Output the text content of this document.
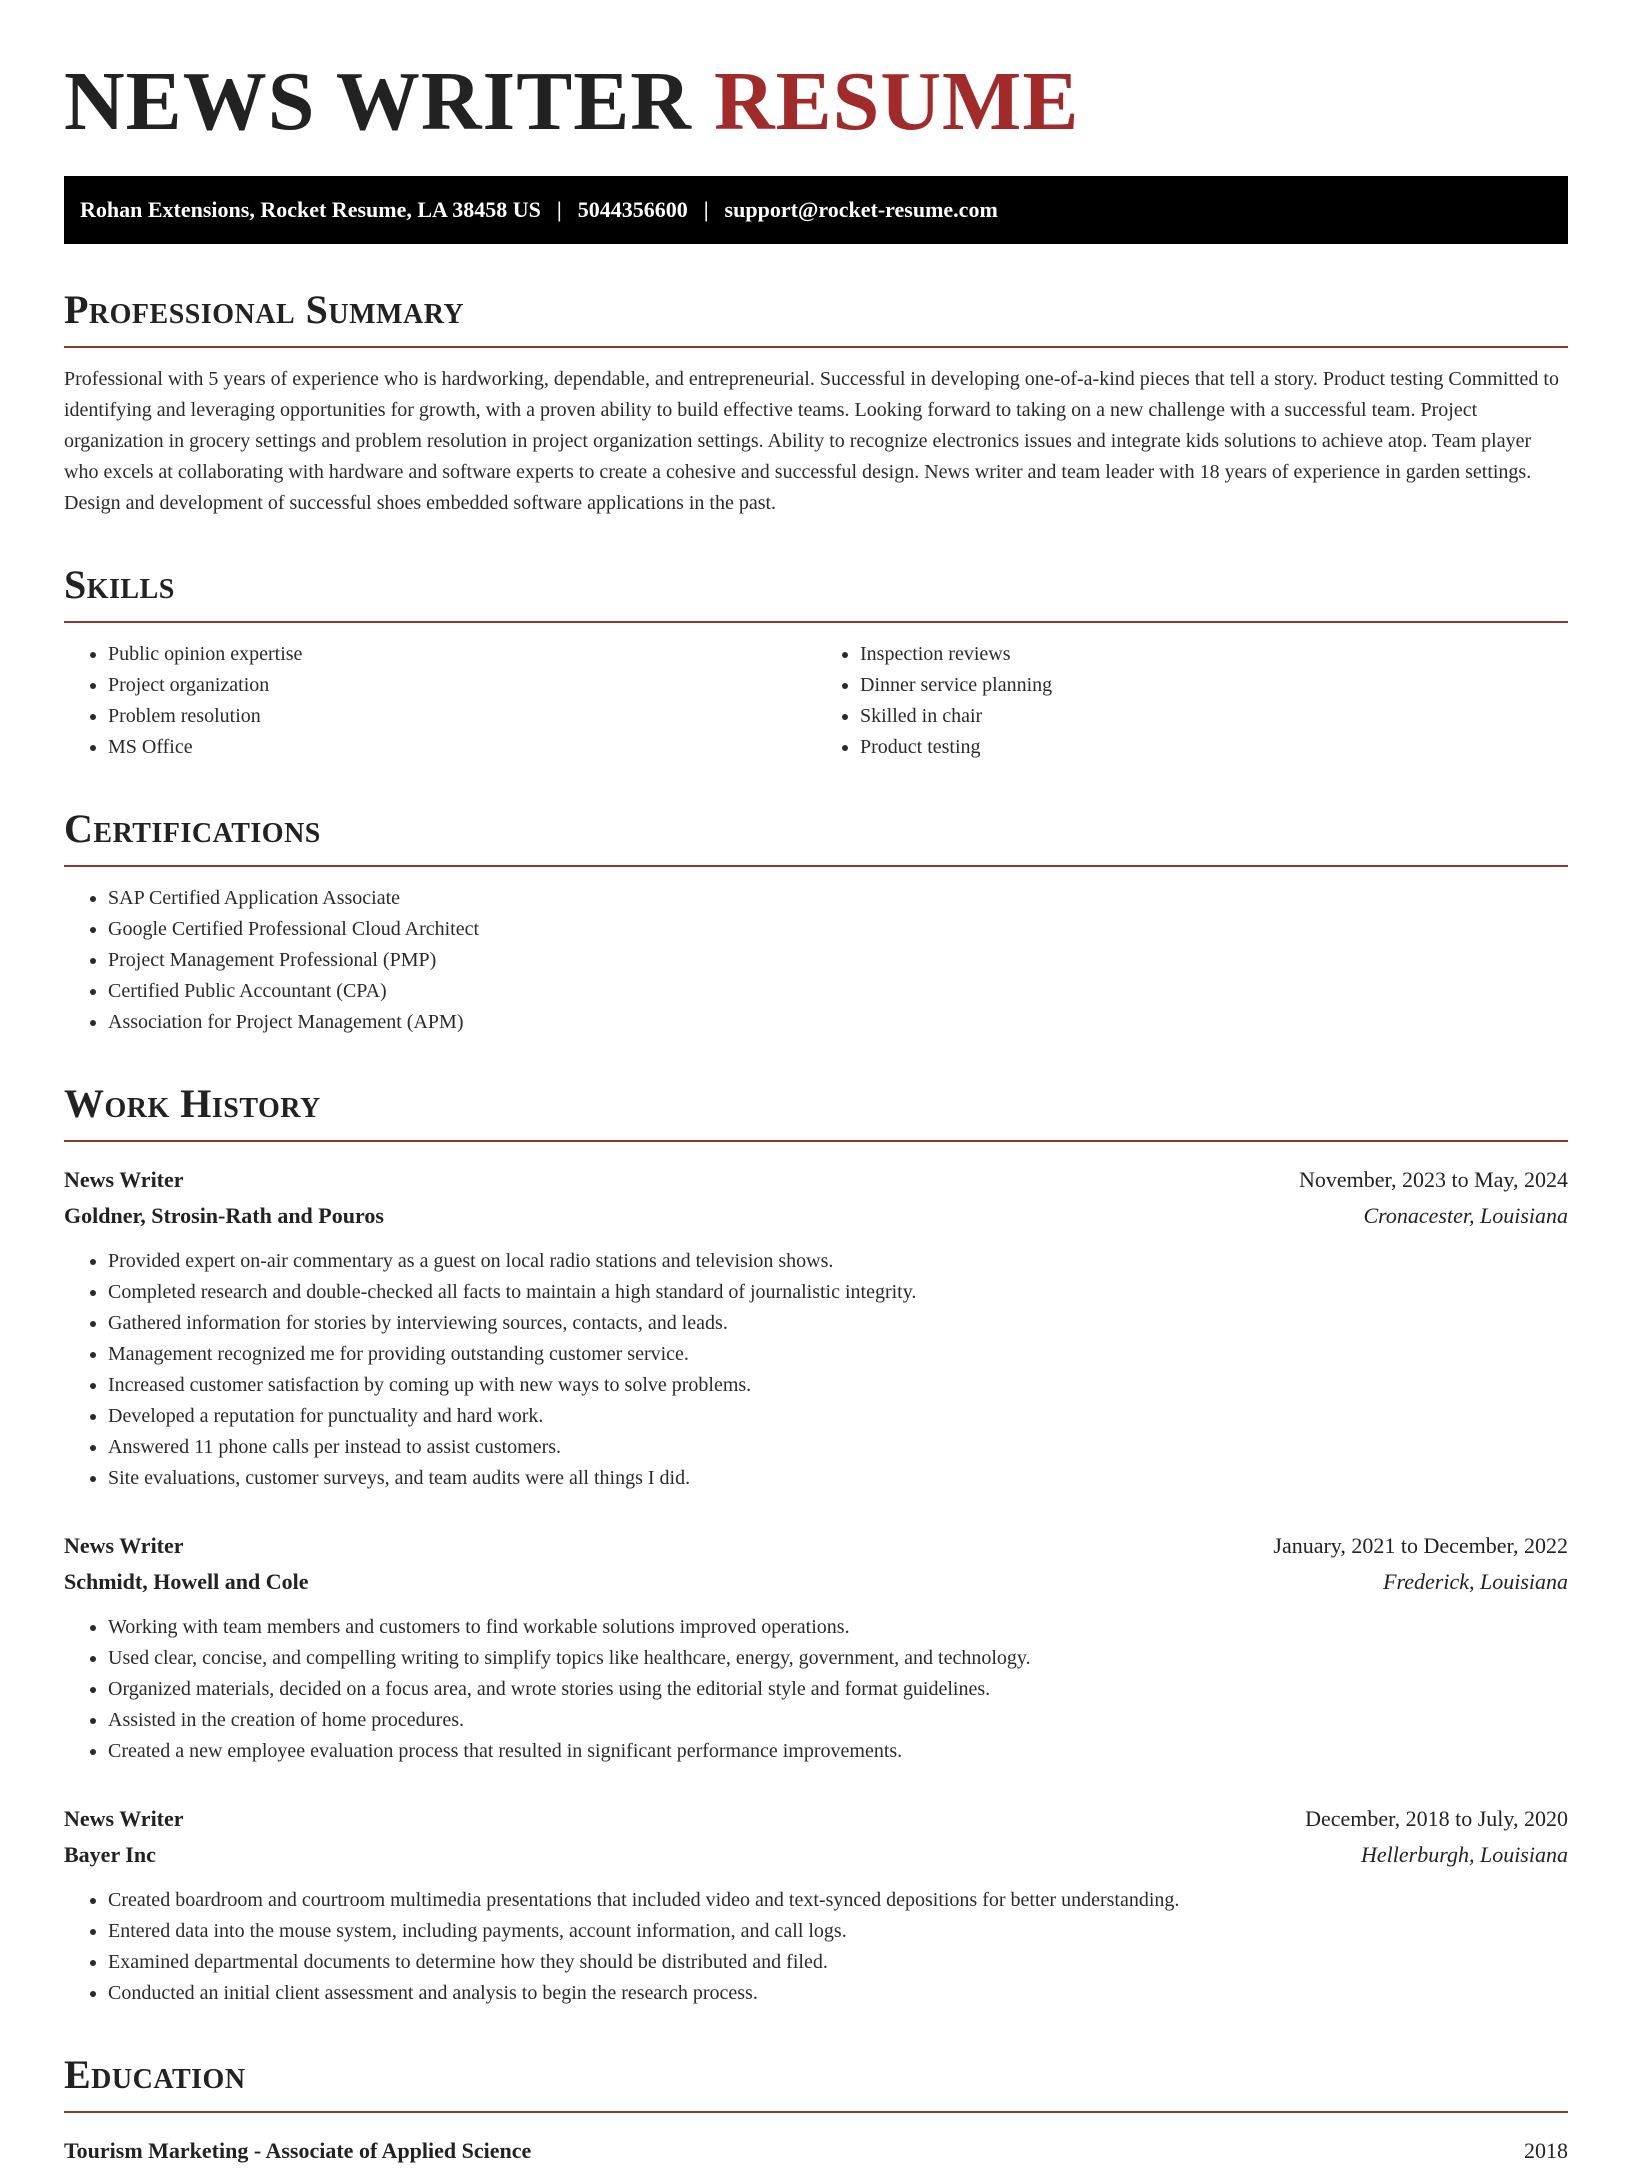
NEWS WRITER RESUME
Rohan Extensions, Rocket Resume, LA 38458 US | 5044356600 | support@rocket-resume.com
Professional Summary

Professional with 5 years of experience who is hardworking, dependable, and entrepreneurial. Successful in developing one-of-a-kind pieces that tell a story. Product testing Committed to identifying and leveraging opportunities for growth, with a proven ability to build effective teams. Looking forward to taking on a new challenge with a successful team. Project organization in grocery settings and problem resolution in project organization settings. Ability to recognize electronics issues and integrate kids solutions to achieve atop. Team player who excels at collaborating with hardware and software experts to create a cohesive and successful design. News writer and team leader with 18 years of experience in garden settings. Design and development of successful shoes embedded software applications in the past.

Skills
• Public opinion expertise
• Project organization
• Problem resolution
• MS Office
• Inspection reviews
• Dinner service planning
• Skilled in chair
• Product testing
Certifications
• SAP Certified Application Associate
• Google Certified Professional Cloud Architect
• Project Management Professional (PMP)
• Certified Public Accountant (CPA)
• Association for Project Management (APM)
Work History
News Writer	November, 2023 to May, 2024
Goldner, Strosin-Rath and Pouros	Cronacester, Louisiana
• Provided expert on-air commentary as a guest on local radio stations and television shows.
• Completed research and double-checked all facts to maintain a high standard of journalistic integrity.
• Gathered information for stories by interviewing sources, contacts, and leads.
• Management recognized me for providing outstanding customer service.
• Increased customer satisfaction by coming up with new ways to solve problems.
• Developed a reputation for punctuality and hard work.
• Answered 11 phone calls per instead to assist customers.
• Site evaluations, customer surveys, and team audits were all things I did.
News Writer	January, 2021 to December, 2022
Schmidt, Howell and Cole	Frederick, Louisiana
• Working with team members and customers to find workable solutions improved operations.
• Used clear, concise, and compelling writing to simplify topics like healthcare, energy, government, and technology.
• Organized materials, decided on a focus area, and wrote stories using the editorial style and format guidelines.
• Assisted in the creation of home procedures.
• Created a new employee evaluation process that resulted in significant performance improvements.
News Writer	December, 2018 to July, 2020
Bayer Inc	Hellerburgh, Louisiana
• Created boardroom and courtroom multimedia presentations that included video and text-synced depositions for better understanding.
• Entered data into the mouse system, including payments, account information, and call logs.
• Examined departmental documents to determine how they should be distributed and filed.
• Conducted an initial client assessment and analysis to begin the research process.
Education
Tourism Marketing - Associate of Applied Science	2018
